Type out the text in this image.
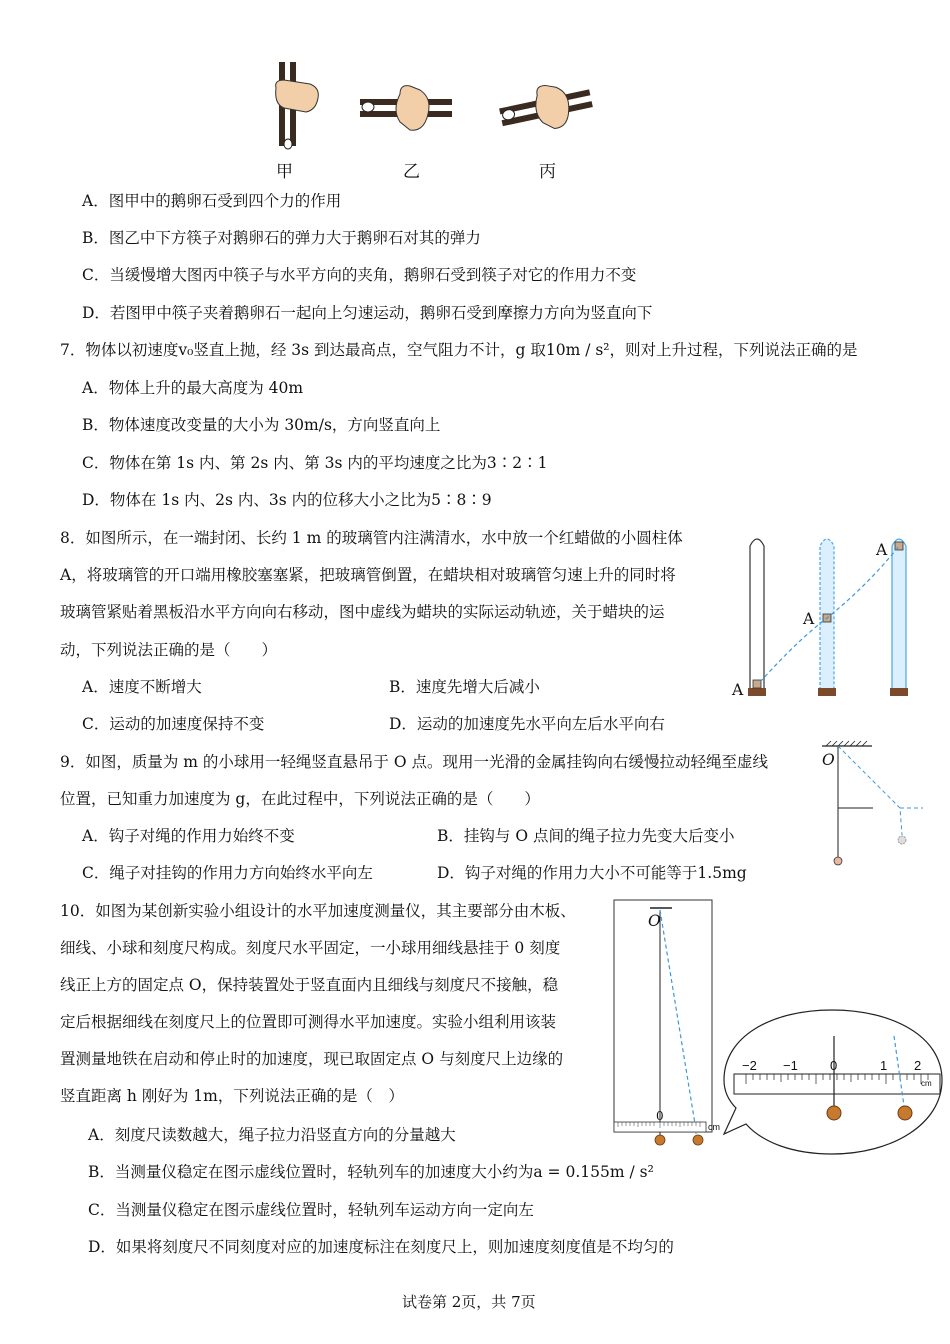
甲	乙	丙
A．图甲中的鹅卵石受到四个力的作用
B．图乙中下方筷子对鹅卵石的弹力大于鹅卵石对其的弹力
C．当缓慢增大图丙中筷子与水平方向的夹角，鹅卵石受到筷子对它的作用力不变
D．若图甲中筷子夹着鹅卵石一起向上匀速运动，鹅卵石受到摩擦力方向为竖直向下
7．物体以初速度v₀竖直上抛，经 3s 到达最高点，空气阻力不计，g 取10m / s²，则对上升过程，下列说法正确的是
A．物体上升的最大高度为 40m
B．物体速度改变量的大小为 30m/s，方向竖直向上
C．物体在第 1s 内、第 2s 内、第 3s 内的平均速度之比为3∶2∶1
D．物体在 1s 内、2s 内、3s 内的位移大小之比为5∶8∶9
8．如图所示，在一端封闭、长约 1 m 的玻璃管内注满清水，水中放一个红蜡做的小圆柱体
A，将玻璃管的开口端用橡胶塞塞紧，把玻璃管倒置，在蜡块相对玻璃管匀速上升的同时将
玻璃管紧贴着黑板沿水平方向向右移动，图中虚线为蜡块的实际运动轨迹，关于蜡块的运
动，下列说法正确的是（　　）
A．速度不断增大	B．速度先增大后减小
C．运动的加速度保持不变	D．运动的加速度先水平向左后水平向右
A
A
A
9．如图，质量为 m 的小球用一轻绳竖直悬吊于 O 点。现用一光滑的金属挂钩向右缓慢拉动轻绳至虚线
位置，已知重力加速度为 g，在此过程中，下列说法正确的是（　　）
A．钩子对绳的作用力始终不变	B．挂钩与 O 点间的绳子拉力先变大后变小
C．绳子对挂钩的作用力方向始终水平向左	D．钩子对绳的作用力大小不可能等于1.5mg
O
10．如图为某创新实验小组设计的水平加速度测量仪，其主要部分由木板、
细线、小球和刻度尺构成。刻度尺水平固定，一小球用细线悬挂于 0 刻度
线正上方的固定点 O，保持装置处于竖直面内且细线与刻度尺不接触，稳
定后根据细线在刻度尺上的位置即可测得水平加速度。实验小组利用该装
置测量地铁在启动和停止时的加速度，现已取固定点 O 与刻度尺上边缘的
竖直距离 h 刚好为 1m，下列说法正确的是（　）
A．刻度尺读数越大，绳子拉力沿竖直方向的分量越大
B．当测量仪稳定在图示虚线位置时，轻轨列车的加速度大小约为a = 0.155m / s²
C．当测量仪稳定在图示虚线位置时，轻轨列车运动方向一定向左
D．如果将刻度尺不同刻度对应的加速度标注在刻度尺上，则加速度刻度值是不均匀的
O
0
cm
−2 −1 0	1 2
cm
试卷第 2页，共 7页
